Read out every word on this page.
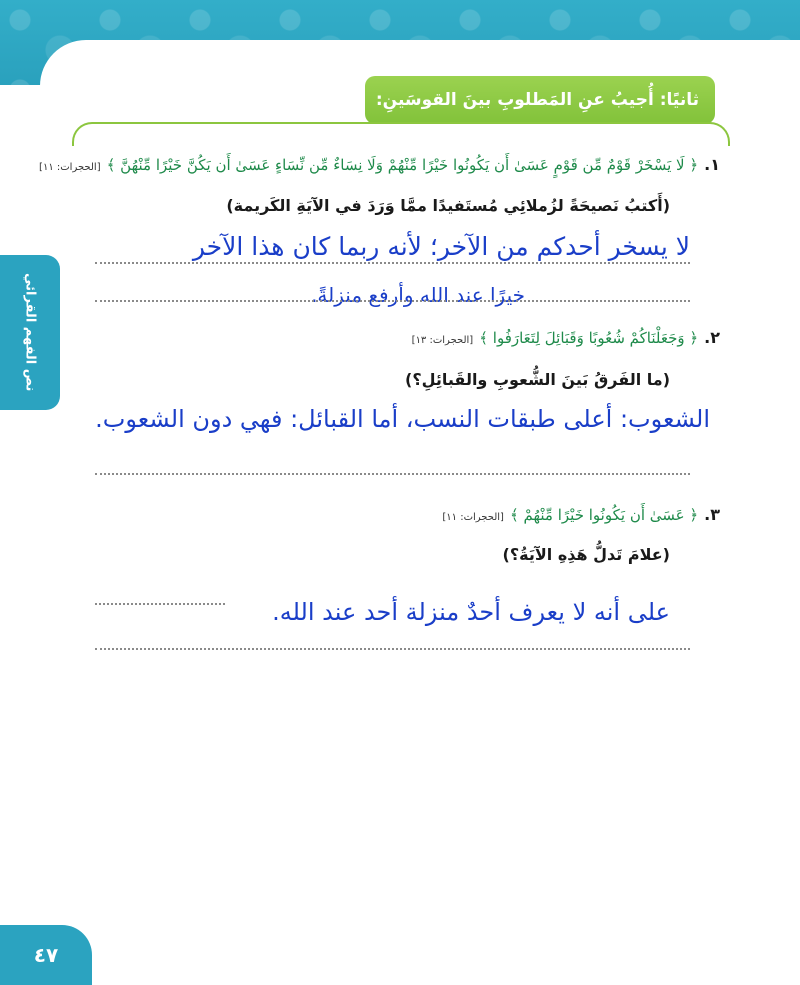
نص الفهم القرائي
ثانيًا: أُجيبُ عنِ المَطلوبِ بينَ القوسَينِ:
١.
﴿ لَا يَسْخَرْ قَوْمٌ مِّن قَوْمٍ عَسَىٰ أَن يَكُونُوا خَيْرًا مِّنْهُمْ وَلَا نِسَاءٌ مِّن نِّسَاءٍ عَسَىٰ أَن يَكُنَّ خَيْرًا مِّنْهُنَّ ﴾
[الحجرات: ١١]
(أَكتبُ نَصيحَةً لزُملائِي مُستَفيدًا ممَّا وَرَدَ في الآيَةِ الكَريمة)
لا يسخر أحدكم من الآخر؛ لأنه ربما كان هذا الآخر
خيرًا عند الله وأرفع منزلةً.
٢.
﴿ وَجَعَلْنَاكُمْ شُعُوبًا وَقَبَائِلَ لِتَعَارَفُوا ﴾
[الحجرات: ١٣]
(ما الفَرقُ بَينَ الشُّعوبِ والقَبائِلِ؟)
الشعوب: أعلى طبقات النسب، أما القبائل: فهي دون الشعوب.
٣.
﴿ عَسَىٰ أَن يَكُونُوا خَيْرًا مِّنْهُمْ ﴾
[الحجرات: ١١]
(علامَ تَدلُّ هَذِهِ الآيَةُ؟)
على أنه لا يعرف أحدٌ منزلة أحد عند الله.
٤٧
